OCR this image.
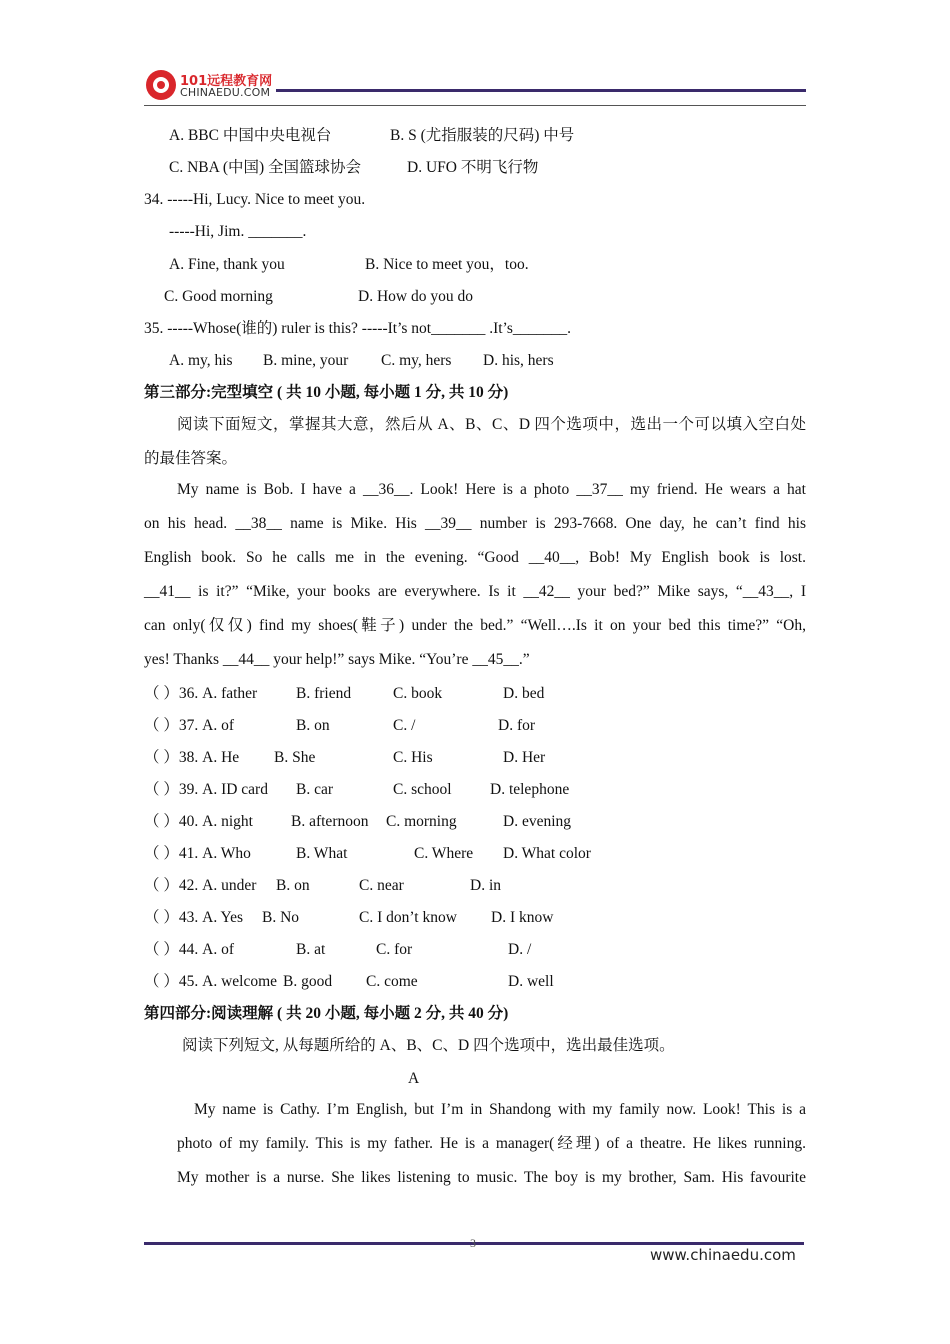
101远程教育网
CHINAEDU.COM
A. BBC 中国中央电视台	B. S (尤指服装的尺码) 中号
C. NBA (中国) 全国篮球协会	D. UFO 不明飞行物
34. -----Hi, Lucy. Nice to meet you.
-----Hi, Jim. _______.
A. Fine, thank you	B. Nice to meet you，too.
C. Good morning	D. How do you do
35. -----Whose(谁的) ruler is this? -----It’s not_______ .It’s_______.
A. my, his B. mine, your C. my, hers D. his, hers
第三部分:完型填空 ( 共 10 小题, 每小题 1 分, 共 10 分)
阅读下面短文，掌握其大意，然后从 A、B、C、D 四个选项中，选出一个可以填入空白处
的最佳答案。
My name is Bob. I have a __36__. Look! Here is a photo __37__ my friend. He wears a hat
on his head. __38__ name is Mike. His __39__ number is 293-7668. One day, he can’t find his
English book. So he calls me in the evening. “Good __40__, Bob! My English book is lost.
__41__ is it?” “Mike, your books are everywhere. Is it __42__ your bed?” Mike says, “__43__, I
can only(仅仅) find my shoes(鞋子) under the bed.” “Well….Is it on your bed this time?” “Oh,
yes! Thanks __44__ your help!” says Mike. “You’re __45__.”
（ ）36. A. father	B. friend	C. book	D. bed
（ ）37. A. of	B. on	C. /	D. for
（ ）38. A. He B. She	C. His	D. Her
（ ）39. A. ID card B. car	C. school D. telephone
（ ）40. A. night B. afternoon C. morning	D. evening
（ ）41. A. Who	B. What	C. Where D. What color
（ ）42. A. under B. on	C. near	D. in
（ ）43. A. Yes B. No	C. I don’t know D. I know
（ ）44. A. of	B. at	C. for	D. /
（ ）45. A. welcome B. good C. come	D. well
第四部分:阅读理解 ( 共 20 小题, 每小题 2 分, 共 40 分)
阅读下列短文, 从每题所给的 A、B、C、D 四个选项中，选出最佳选项。
A
My name is Cathy. I’m English, but I’m in Shandong with my family now. Look! This is a
photo of my family. This is my father. He is a manager(经理) of a theatre. He likes running.
My mother is a nurse. She likes listening to music. The boy is my brother, Sam. His favourite
3
www.chinaedu.com
